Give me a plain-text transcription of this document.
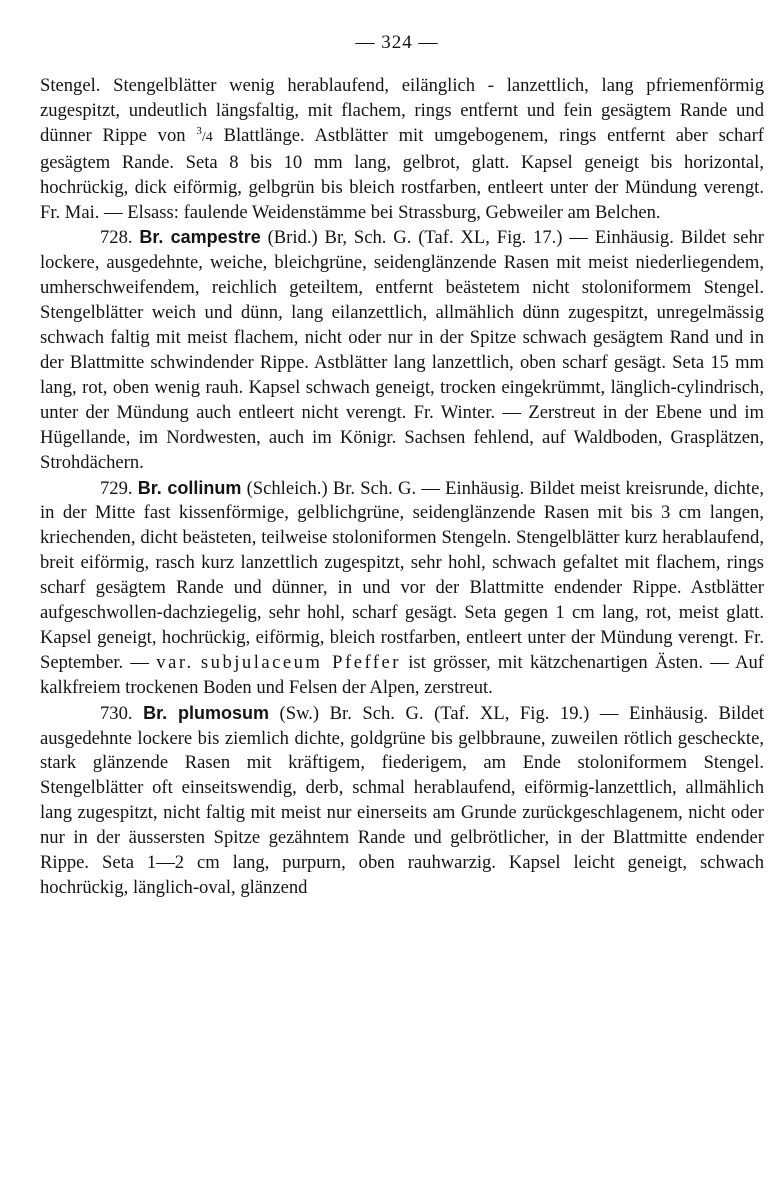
— 324 —

Stengel. Stengelblätter wenig herablaufend, eilänglich - lanzettlich, lang pfriemenförmig zugespitzt, undeutlich längsfaltig, mit flachem, rings entfernt und fein gesägtem Rande und dünner Rippe von $^3$/4 Blattlänge. Astblätter mit umgebogenem, rings entfernt aber scharf gesägtem Rande. Seta 8 bis 10 mm lang, gelbrot, glatt. Kapsel geneigt bis horizontal, hochrückig, dick eiförmig, gelbgrün bis bleich rostfarben, entleert unter der Mündung verengt. Fr. Mai. — Elsass: faulende Weidenstämme bei Strassburg, Gebweiler am Belchen.

728. Br. campestre (Brid.) Br, Sch. G. (Taf. XL, Fig. 17.) — Einhäusig. Bildet sehr lockere, ausgedehnte, weiche, bleichgrüne, seidenglänzende Rasen mit meist niederliegendem, umherschweifendem, reichlich geteiltem, entfernt beästetem nicht stoloniformem Stengel. Stengelblätter weich und dünn, lang eilanzettlich, allmählich dünn zugespitzt, unregelmässig schwach faltig mit meist flachem, nicht oder nur in der Spitze schwach gesägtem Rand und in der Blattmitte schwindender Rippe. Astblätter lang lanzettlich, oben scharf gesägt. Seta 15 mm lang, rot, oben wenig rauh. Kapsel schwach geneigt, trocken eingekrümmt, länglich-cylindrisch, unter der Mündung auch entleert nicht verengt. Fr. Winter. — Zerstreut in der Ebene und im Hügellande, im Nordwesten, auch im Königr. Sachsen fehlend, auf Waldboden, Grasplätzen, Strohdächern.

729. Br. collinum (Schleich.) Br. Sch. G. — Einhäusig. Bildet meist kreisrunde, dichte, in der Mitte fast kissenförmige, gelblichgrüne, seidenglänzende Rasen mit bis 3 cm langen, kriechenden, dicht beästeten, teilweise stoloniformen Stengeln. Stengelblätter kurz herablaufend, breit eiförmig, rasch kurz lanzettlich zugespitzt, sehr hohl, schwach gefaltet mit flachem, rings scharf gesägtem Rande und dünner, in und vor der Blattmitte endender Rippe. Astblätter aufgeschwollen-dachziegelig, sehr hohl, scharf gesägt. Seta gegen 1 cm lang, rot, meist glatt. Kapsel geneigt, hochrückig, eiförmig, bleich rostfarben, entleert unter der Mündung verengt. Fr. September. — var. subjulaceum Pfeffer ist grösser, mit kätzchenartigen Ästen. — Auf kalkfreiem trockenen Boden und Felsen der Alpen, zerstreut.

730. Br. plumosum (Sw.) Br. Sch. G. (Taf. XL, Fig. 19.) — Einhäusig. Bildet ausgedehnte lockere bis ziemlich dichte, goldgrüne bis gelbbraune, zuweilen rötlich gescheckte, stark glänzende Rasen mit kräftigem, fiederigem, am Ende stoloniformem Stengel. Stengelblätter oft einseitswendig, derb, schmal herablaufend, eiförmig-lanzettlich, allmählich lang zugespitzt, nicht faltig mit meist nur einerseits am Grunde zurückgeschlagenem, nicht oder nur in der äussersten Spitze gezähntem Rande und gelbrötlicher, in der Blattmitte endender Rippe. Seta 1—2 cm lang, purpurn, oben rauhwarzig. Kapsel leicht geneigt, schwach hochrückig, länglich-oval, glänzend
